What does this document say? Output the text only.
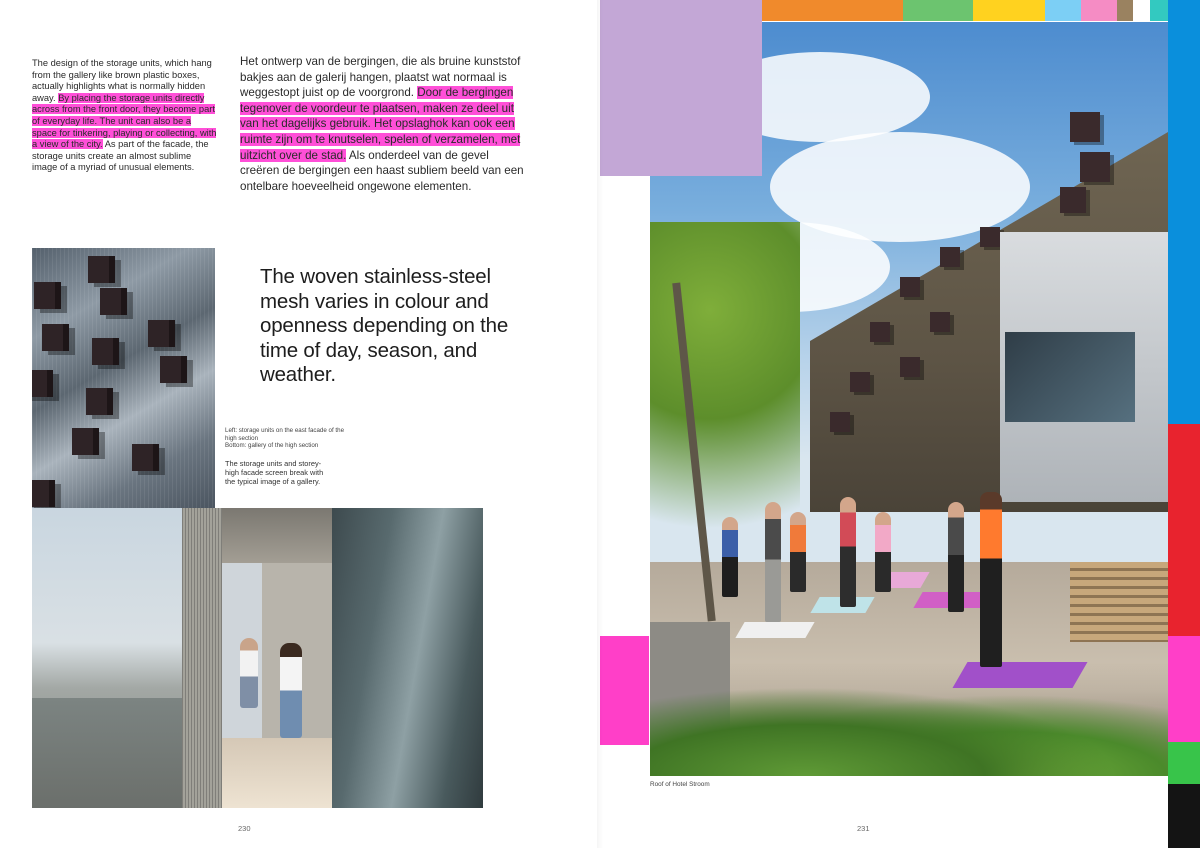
The design of the storage units, which hang from the gallery like brown plastic boxes, actually highlights what is normally hidden away. By placing the storage units directly across from the front door, they become part of everyday life. The unit can also be a space for tinkering, playing or collecting, with a view of the city. As part of the facade, the storage units create an almost sublime image of a myriad of unusual elements.
Het ontwerp van de bergingen, die als bruine kunststof bakjes aan de galerij hangen, plaatst wat normaal is weggestopt juist op de voorgrond. Door de bergingen tegenover de voordeur te plaatsen, maken ze deel uit van het dagelijks gebruik. Het opslaghok kan ook een ruimte zijn om te knutselen, spelen of verzamelen, met uitzicht over de stad. Als onderdeel van de gevel creëren de bergingen een haast subliem beeld van een ontelbare hoeveelheid ongewone elementen.
The woven stainless-steel mesh varies in colour and openness depending on the time of day, season, and weather.
Left: storage units on the east facade of the high section
Bottom: gallery of the high section
The storage units and storey-high facade screen break with the typical image of a gallery.
230
Roof of Hotel Stroom
231
